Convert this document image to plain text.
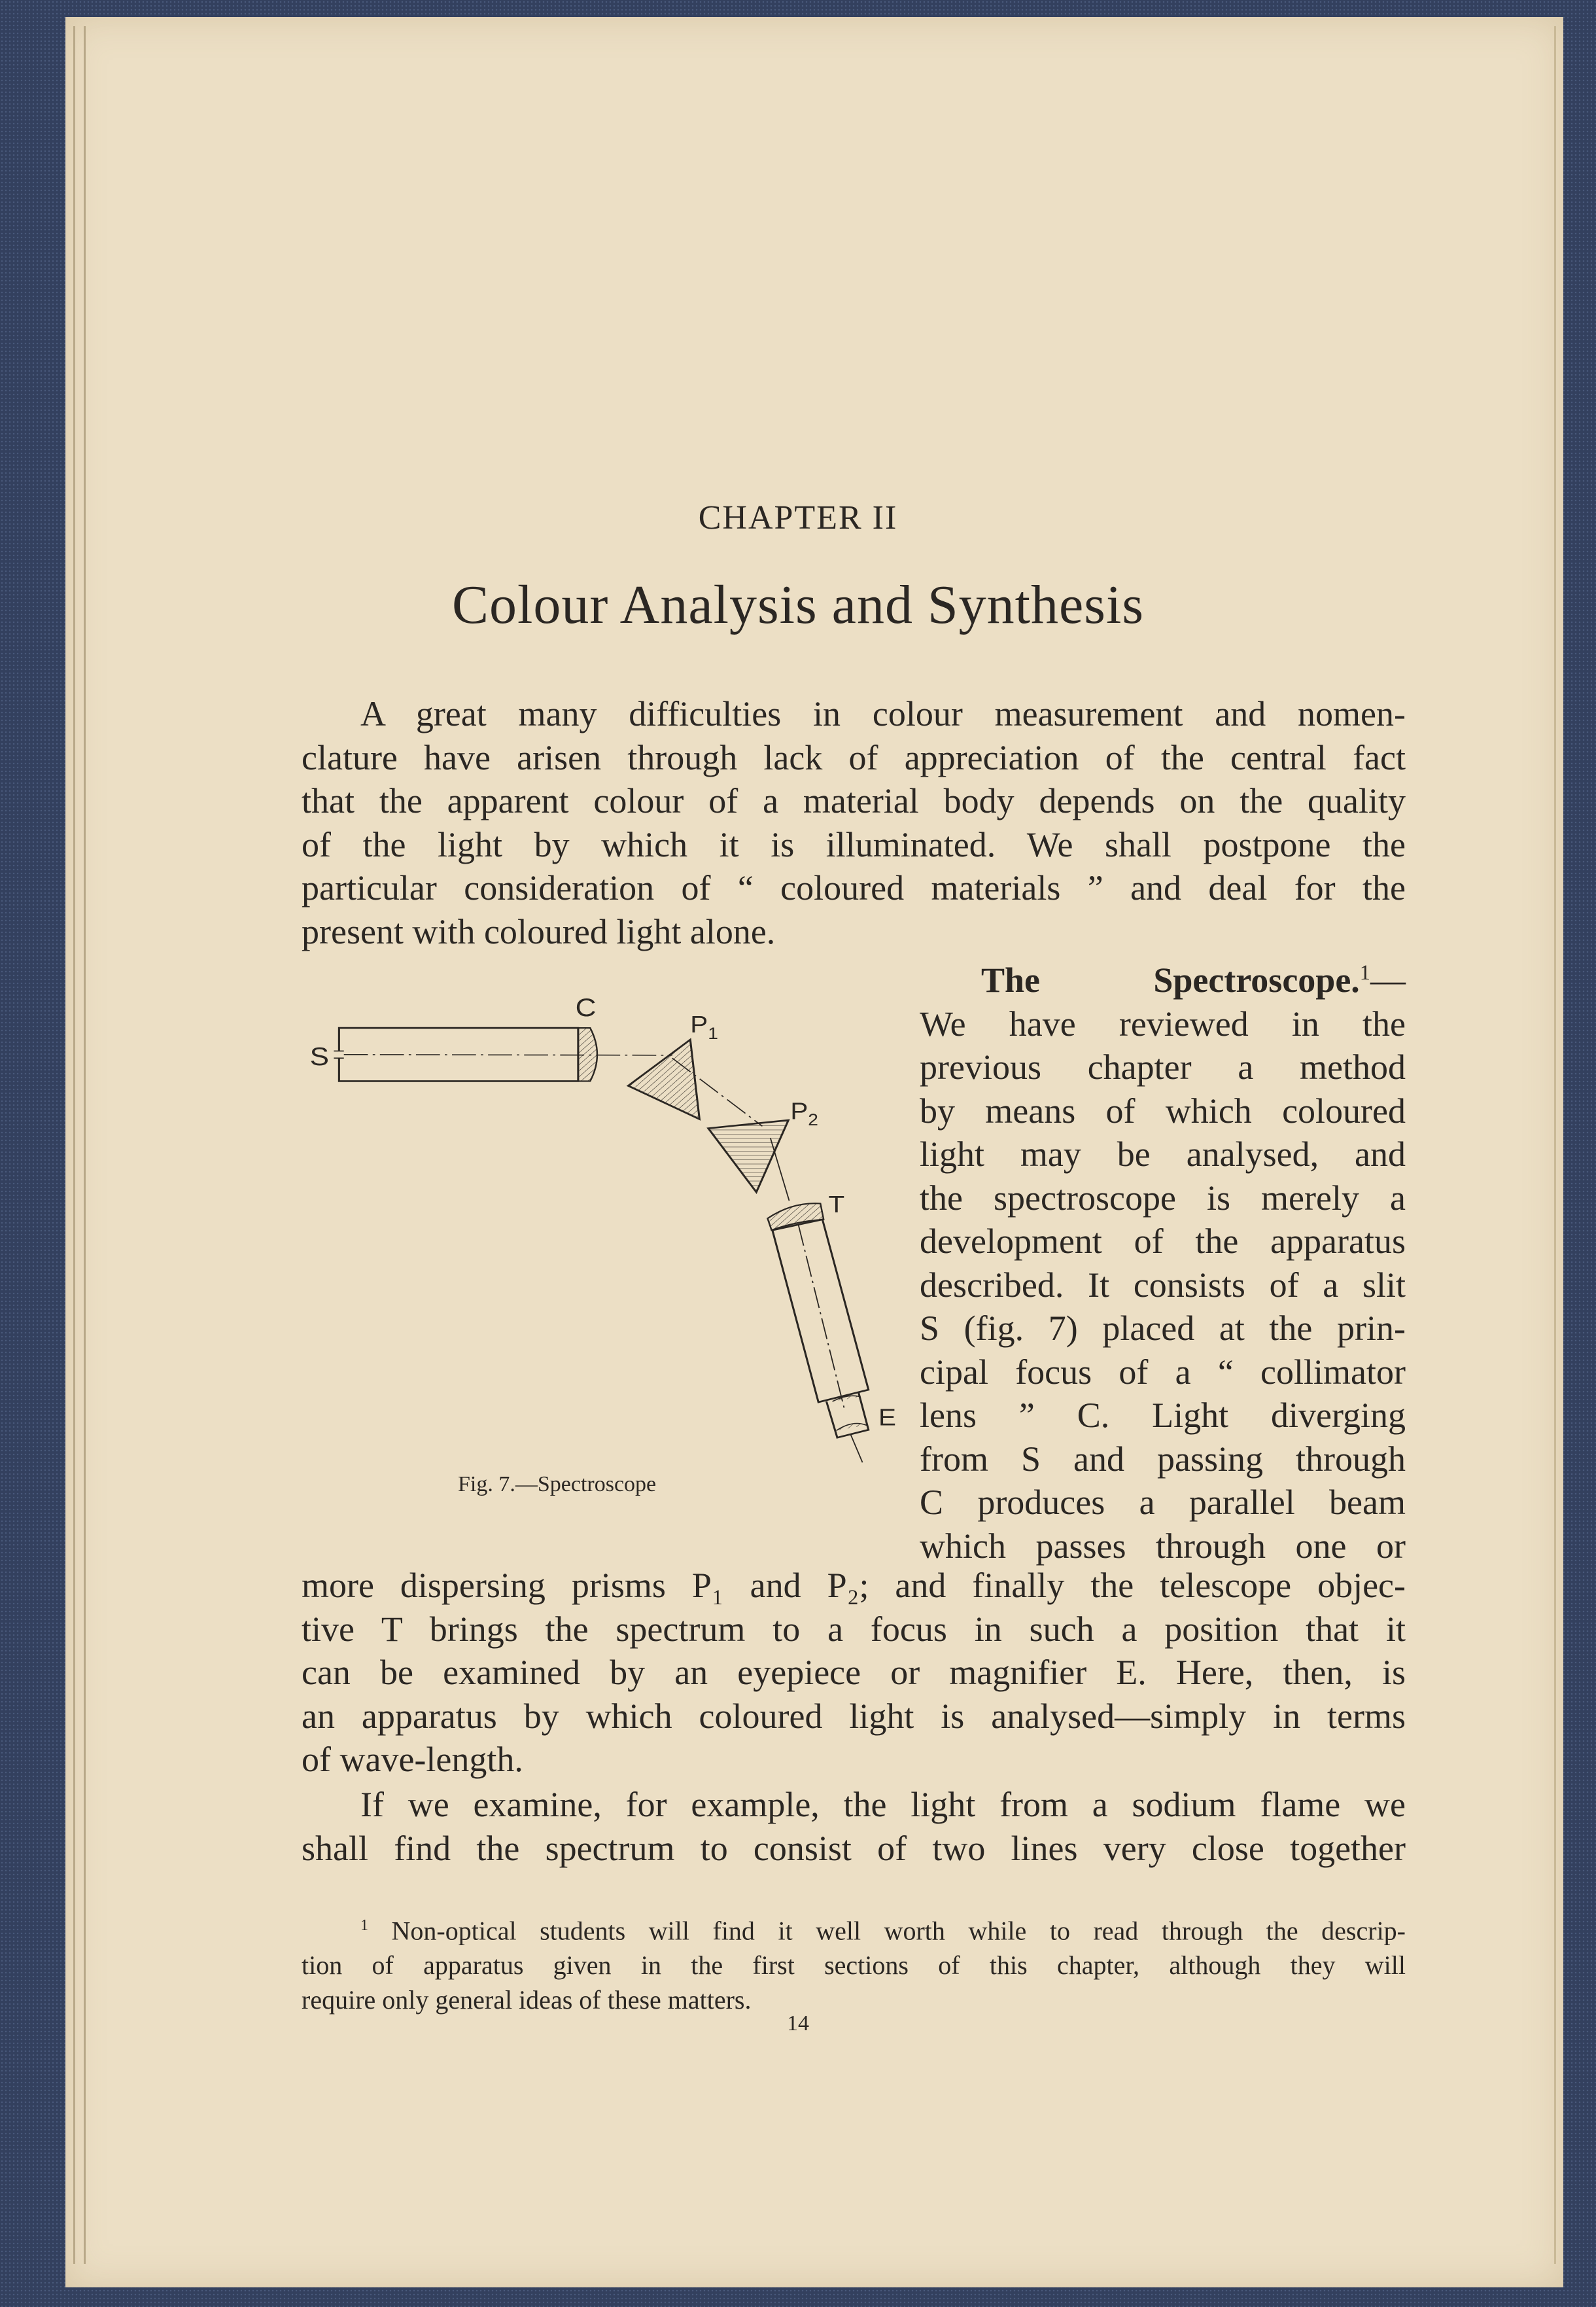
CHAPTER II
Colour Analysis and Synthesis
A great many difficulties in colour measurement and nomen-
clature have arisen through lack of appreciation of the central fact
that the apparent colour of a material body depends on the quality
of the light by which it is illuminated. We shall postpone the
particular consideration of “ coloured materials ” and deal for the
present with coloured light alone.
The Spectroscope.$^1$—
We have reviewed in the
previous chapter a method
by means of which coloured
light may be analysed, and
the spectroscope is merely a
development of the apparatus
described. It consists of a slit
S (fig. 7) placed at the prin-
cipal focus of a “ collimator
lens ” C. Light diverging
from S and passing through
C produces a parallel beam
which passes through one or
more dispersing prisms P₁ and P₂; and finally the telescope objec-
tive T brings the spectrum to a focus in such a position that it
can be examined by an eyepiece or magnifier E. Here, then, is
an apparatus by which coloured light is analysed—simply in terms
of wave-length.
If we examine, for example, the light from a sodium flame we
shall find the spectrum to consist of two lines very close together
S
C
$P_1$
$P_2$
T
E
Fig. 7.—Spectroscope
$^1$ Non-optical students will find it well worth while to read through the descrip-
tion of apparatus given in the first sections of this chapter, although they will
require only general ideas of these matters.
14
